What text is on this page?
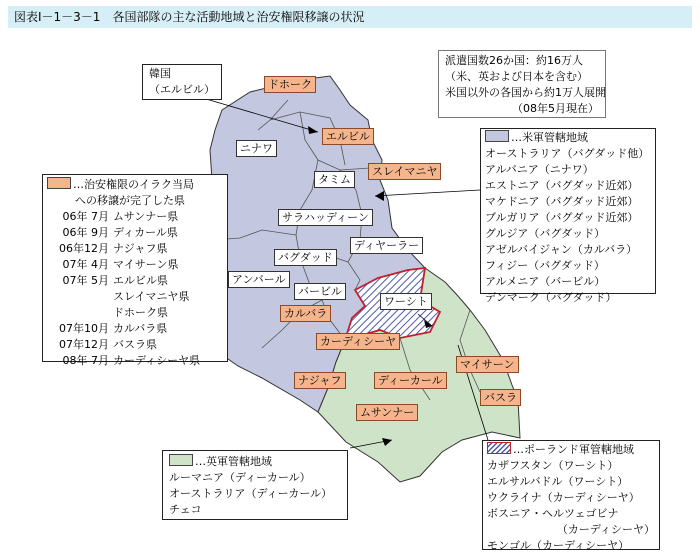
図表Ⅰ－1－3－1　各国部隊の主な活動地域と治安権限移譲の状況
派遣国数26か国：約16万人
（米、英および日本を含む）
米国以外の各国から約1万人展開
（08年5月現在）
韓国
（エルビル）
…治安権限のイラク当局
への移譲が完了した県
06年 7月 ムサンナー県
06年 9月 ディカール県
06年12月 ナジャフ県
07年 4月 マイサーン県
07年 5月 エルビル県
スレイマニヤ県
ドホーク県
07年10月 カルバラ県
07年12月 バスラ県
08年 7月 カーディシーヤ県
…米軍管轄地域
オーストラリア（バグダッド他）
アルバニア（ニナワ）
エストニア（バグダッド近郊）
マケドニア（バグダッド近郊）
ブルガリア（バグダッド近郊）
グルジア（バグダッド）
アゼルバイジャン（カルバラ）
フィジー（バグダッド）
アルメニア（バービル）
デンマーク（バグダッド）
…英軍管轄地域
ルーマニア（ディーカール）
オーストラリア（ディーカール）
チェコ
…ポーランド軍管轄地域
カザフスタン（ワーシト）
エルサルバドル（ワーシト）
ウクライナ（カーディシーヤ）
ボスニア・ヘルツェゴビナ
（カーディシーヤ）
モンゴル（カーディシーヤ）
ドホーク
エルビル
ニナワ
スレイマニヤ
タミム
サラハッディーン
バグダッド
ディヤーラー
アンバール
バービル
ワーシト
カルバラ
カーディシーヤ
マイサーン
ナジャフ	ディーカール
バスラ
ムサンナー
